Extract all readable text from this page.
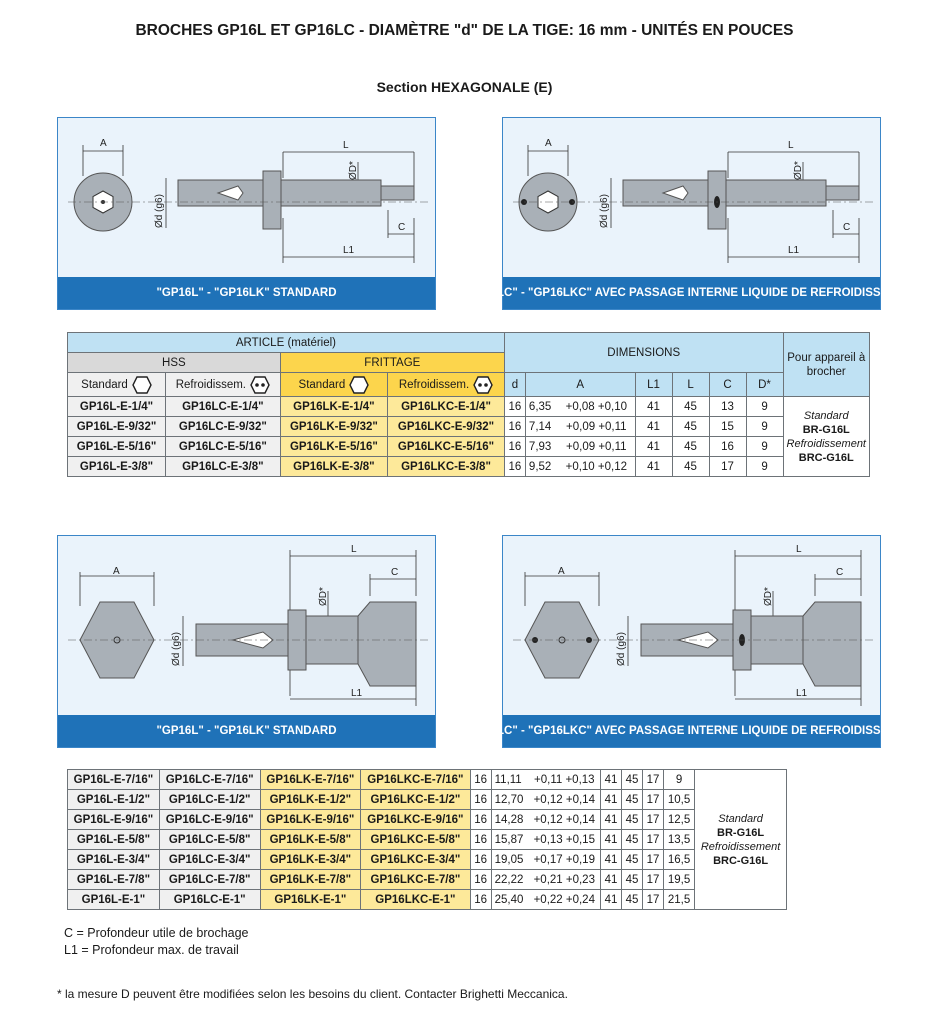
BROCHES GP16L ET GP16LC - DIAMÈTRE "d" DE LA TIGE: 16 mm - UNITÉS EN POUCES
Section HEXAGONALE (E)
A	L
C
L1
ØD*
Ød (g6)
"GP16L" - "GP16LK" STANDARD
A	L
C
L1
ØD*
Ød (g6)
"GP16LC" - "GP16LKC" AVEC PASSAGE INTERNE LIQUIDE DE REFROIDISSEMENT
ARTICLE (matériel)				DIMENSIONS							Pour appareil à brocher
HSS		FRITTAGE									
Standard	Refroidissem.	Standard	Refroidissem.	d	A		L1	L	C	D*	
GP16L-E-1/4"	GP16LC-E-1/4"	GP16LK-E-1/4"	GP16LKC-E-1/4"	16	6,35	+0,08 +0,10	41	45	13	9	Standard
BR-G16L
Refroidissement
BRC-G16L

GP16L-E-9/32"	GP16LC-E-9/32"	GP16LK-E-9/32"	GP16LKC-E-9/32"	16	7,14	+0,09 +0,11	41	45	15	9	
GP16L-E-5/16"	GP16LC-E-5/16"	GP16LK-E-5/16"	GP16LKC-E-5/16"	16	7,93	+0,09 +0,11	41	45	16	9	
GP16L-E-3/8"	GP16LC-E-3/8"	GP16LK-E-3/8"	GP16LKC-E-3/8"	16	9,52	+0,10 +0,12	41	45	17	9	
A
L
C
L1
ØD*
Ød (g6)
"GP16L" - "GP16LK" STANDARD
A
L
C
L1
ØD*
Ød (g6)
"GP16LC" - "GP16LKC" AVEC PASSAGE INTERNE LIQUIDE DE REFROIDISSEMENT
GP16L-E-7/16"	GP16LC-E-7/16"	GP16LK-E-7/16"	GP16LKC-E-7/16"	16	11,11	+0,11 +0,13	41	45	17	9	Standard
BR-G16L
Refroidissement
BRC-G16L

GP16L-E-1/2"	GP16LC-E-1/2"	GP16LK-E-1/2"	GP16LKC-E-1/2"	16	12,70	+0,12 +0,14	41	45	17	10,5	
GP16L-E-9/16"	GP16LC-E-9/16"	GP16LK-E-9/16"	GP16LKC-E-9/16"	16	14,28	+0,12 +0,14	41	45	17	12,5	
GP16L-E-5/8"	GP16LC-E-5/8"	GP16LK-E-5/8"	GP16LKC-E-5/8"	16	15,87	+0,13 +0,15	41	45	17	13,5	
GP16L-E-3/4"	GP16LC-E-3/4"	GP16LK-E-3/4"	GP16LKC-E-3/4"	16	19,05	+0,17 +0,19	41	45	17	16,5	
GP16L-E-7/8"	GP16LC-E-7/8"	GP16LK-E-7/8"	GP16LKC-E-7/8"	16	22,22	+0,21 +0,23	41	45	17	19,5	
GP16L-E-1"	GP16LC-E-1"	GP16LK-E-1"	GP16LKC-E-1"	16	25,40	+0,22 +0,24	41	45	17	21,5	
C = Profondeur utile de brochage
L1 = Profondeur max. de travail
* la mesure D peuvent être modifiées selon les besoins du client. Contacter Brighetti Meccanica.
